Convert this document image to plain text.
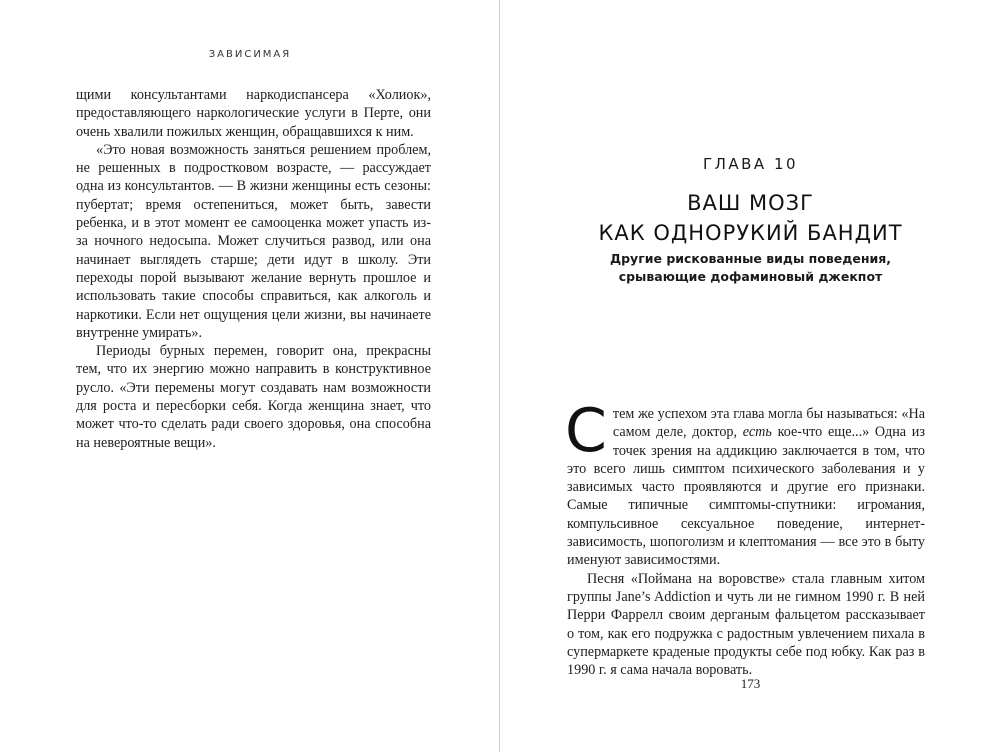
ЗАВИСИМАЯ

щими консультантами наркодиспансера «Холиок», предоставляющего наркологические услуги в Перте, они очень хвалили пожилых женщин, обращавшихся к ним.

«Это новая возможность заняться решением проблем, не решенных в подростковом возрасте, — рассуждает одна из консультантов. — В жизни женщины есть сезоны: пубертат; время остепениться, может быть, завести ребенка, и в этот момент ее самооценка может упасть из-за ночного недосыпа. Может случиться развод, или она начинает выглядеть старше; дети идут в школу. Эти переходы порой вызывают желание вернуть прошлое и использовать такие способы справиться, как алкоголь и наркотики. Если нет ощущения цели жизни, вы начинаете внутренне умирать».

Периоды бурных перемен, говорит она, прекрасны тем, что их энергию можно направить в конструктивное русло. «Эти перемены могут создавать нам возможности для роста и пересборки себя. Когда женщина знает, что может что-то сделать ради своего здоровья, она способна на невероятные вещи».

ГЛАВА 10
ВАШ МОЗГ
КАК ОДНОРУКИЙ БАНДИТ
Другие рискованные виды поведения,
срывающие дофаминовый джекпот

С тем же успехом эта глава могла бы называться: «На самом деле, доктор, есть кое-что еще...» Одна из точек зрения на аддикцию заключается в том, что это всего лишь симптом психического заболевания и у зависимых часто проявляются и другие его признаки. Самые типичные симптомы-спутники: игромания, компульсивное сексуальное поведение, интернет-зависимость, шопоголизм и клептомания — все это в быту именуют зависимостями.

Песня «Поймана на воровстве» стала главным хитом группы Jane’s Addiction и чуть ли не гимном 1990 г. В ней Перри Фаррелл своим дерганым фальцетом рассказывает о том, как его подружка с радостным увлечением пихала в супермаркете краденые продукты себе под юбку. Как раз в 1990 г. я сама начала воровать.

173
